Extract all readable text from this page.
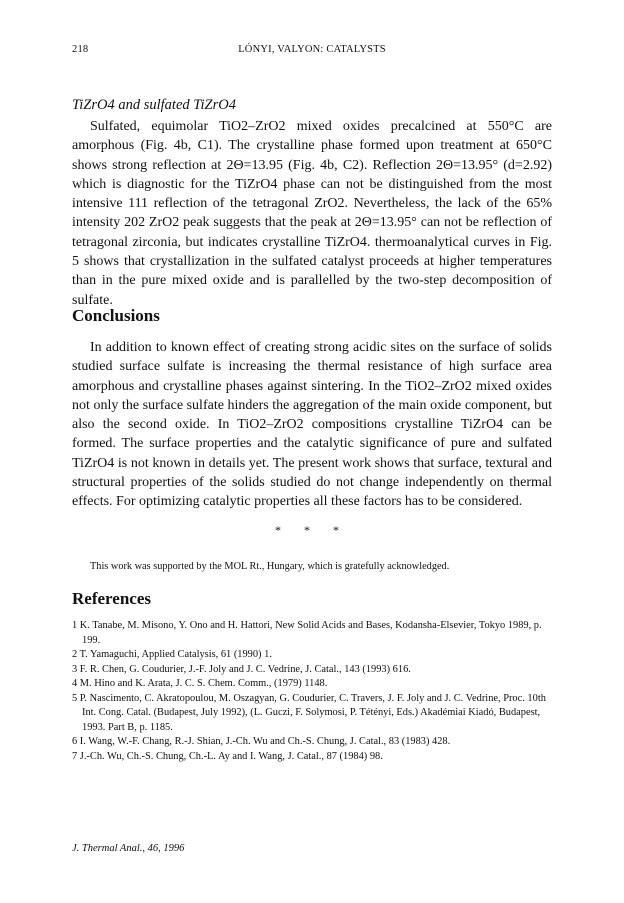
218	LÓNYI, VALYON: CATALYSTS
TiZrO4 and sulfated TiZrO4

Sulfated, equimolar TiO2–ZrO2 mixed oxides precalcined at 550°C are amorphous (Fig. 4b, C1). The crystalline phase formed upon treatment at 650°C shows strong reflection at 2Θ=13.95 (Fig. 4b, C2). Reflection 2Θ=13.95° (d=2.92) which is diagnostic for the TiZrO4 phase can not be distinguished from the most intensive 111 reflection of the tetragonal ZrO2. Nevertheless, the lack of the 65% intensity 202 ZrO2 peak suggests that the peak at 2Θ=13.95° can not be reflection of tetragonal zirconia, but indicates crystalline TiZrO4. thermoanalytical curves in Fig. 5 shows that crystallization in the sulfated catalyst proceeds at higher temperatures than in the pure mixed oxide and is parallelled by the two-step decomposition of sulfate.

Conclusions

In addition to known effect of creating strong acidic sites on the surface of solids studied surface sulfate is increasing the thermal resistance of high surface area amorphous and crystalline phases against sintering. In the TiO2–ZrO2 mixed oxides not only the surface sulfate hinders the aggregation of the main oxide component, but also the second oxide. In TiO2–ZrO2 compositions crystalline TiZrO4 can be formed. The surface properties and the catalytic significance of pure and sulfated TiZrO4 is not known in details yet. The present work shows that surface, textural and structural properties of the solids studied do not change independently on thermal effects. For optimizing catalytic properties all these factors has to be considered.

* * *

This work was supported by the MOL Rt., Hungary, which is gratefully acknowledged.

References
1 K. Tanabe, M. Misono, Y. Ono and H. Hattori, New Solid Acids and Bases, Kodansha-Elsevier, Tokyo 1989, p. 199.
2 T. Yamaguchi, Applied Catalysis, 61 (1990) 1.
3 F. R. Chen, G. Coudurier, J.-F. Joly and J. C. Vedrine, J. Catal., 143 (1993) 616.
4 M. Hino and K. Arata, J. C. S. Chem. Comm., (1979) 1148.
5 P. Nascimento, C. Akratopoulou, M. Oszagyan, G. Coudurier, C. Travers, J. F. Joly and J. C. Vedrine, Proc. 10th Int. Cong. Catal. (Budapest, July 1992), (L. Guczi, F. Solymosi, P. Tétényi, Eds.) Akadémiai Kiadó, Budapest, 1993. Part B, p. 1185.
6 I. Wang, W.-F. Chang, R.-J. Shian, J.-Ch. Wu and Ch.-S. Chung, J. Catal., 83 (1983) 428.
7 J.-Ch. Wu, Ch.-S. Chung, Ch.-L. Ay and I. Wang, J. Catal., 87 (1984) 98.
J. Thermal Anal., 46, 1996
